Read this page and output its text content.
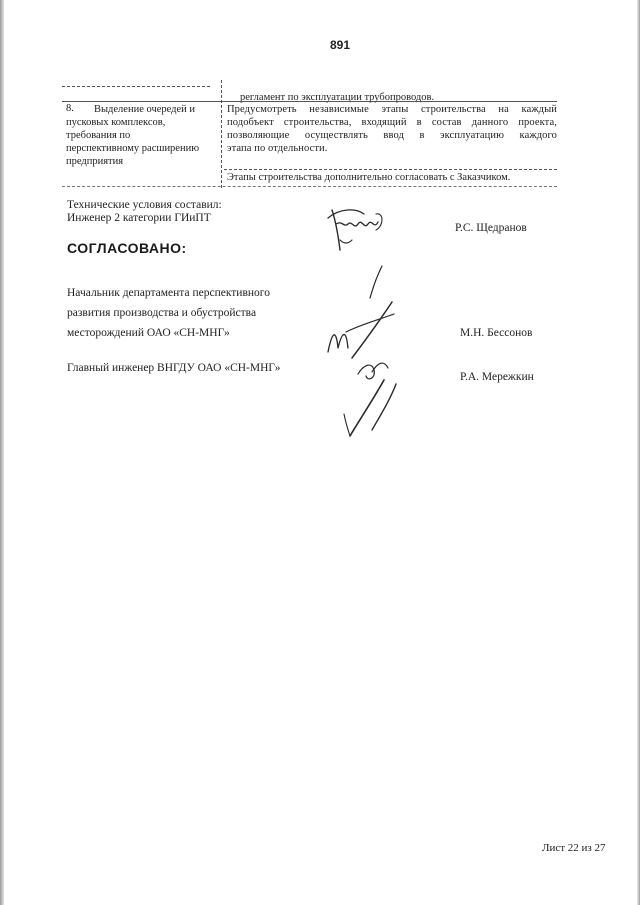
891
регламент по эксплуатации трубопроводов.
Выделение очередей и
пусковых комплексов,
требования по
перспективному расширению
предприятия
8.	Предусмотреть независимые этапы строительства на каждый
подобъект строительства, входящий в состав данного проекта,
позволяющие осуществлять ввод в эксплуатацию каждого
этапа по отдельности.
Этапы строительства дополнительно согласовать с Заказчиком.
Технические условия составил:
Инженер 2 категории ГИиПТ
Р.С. Щедранов
СОГЛАСОВАНО:
Начальник департамента перспективного
развития производства и обустройства
месторождений ОАО «СН-МНГ»	М.Н. Бессонов
Главный инженер ВНГДУ ОАО «СН-МНГ»
Р.А. Мережкин
Лист 22 из 27
